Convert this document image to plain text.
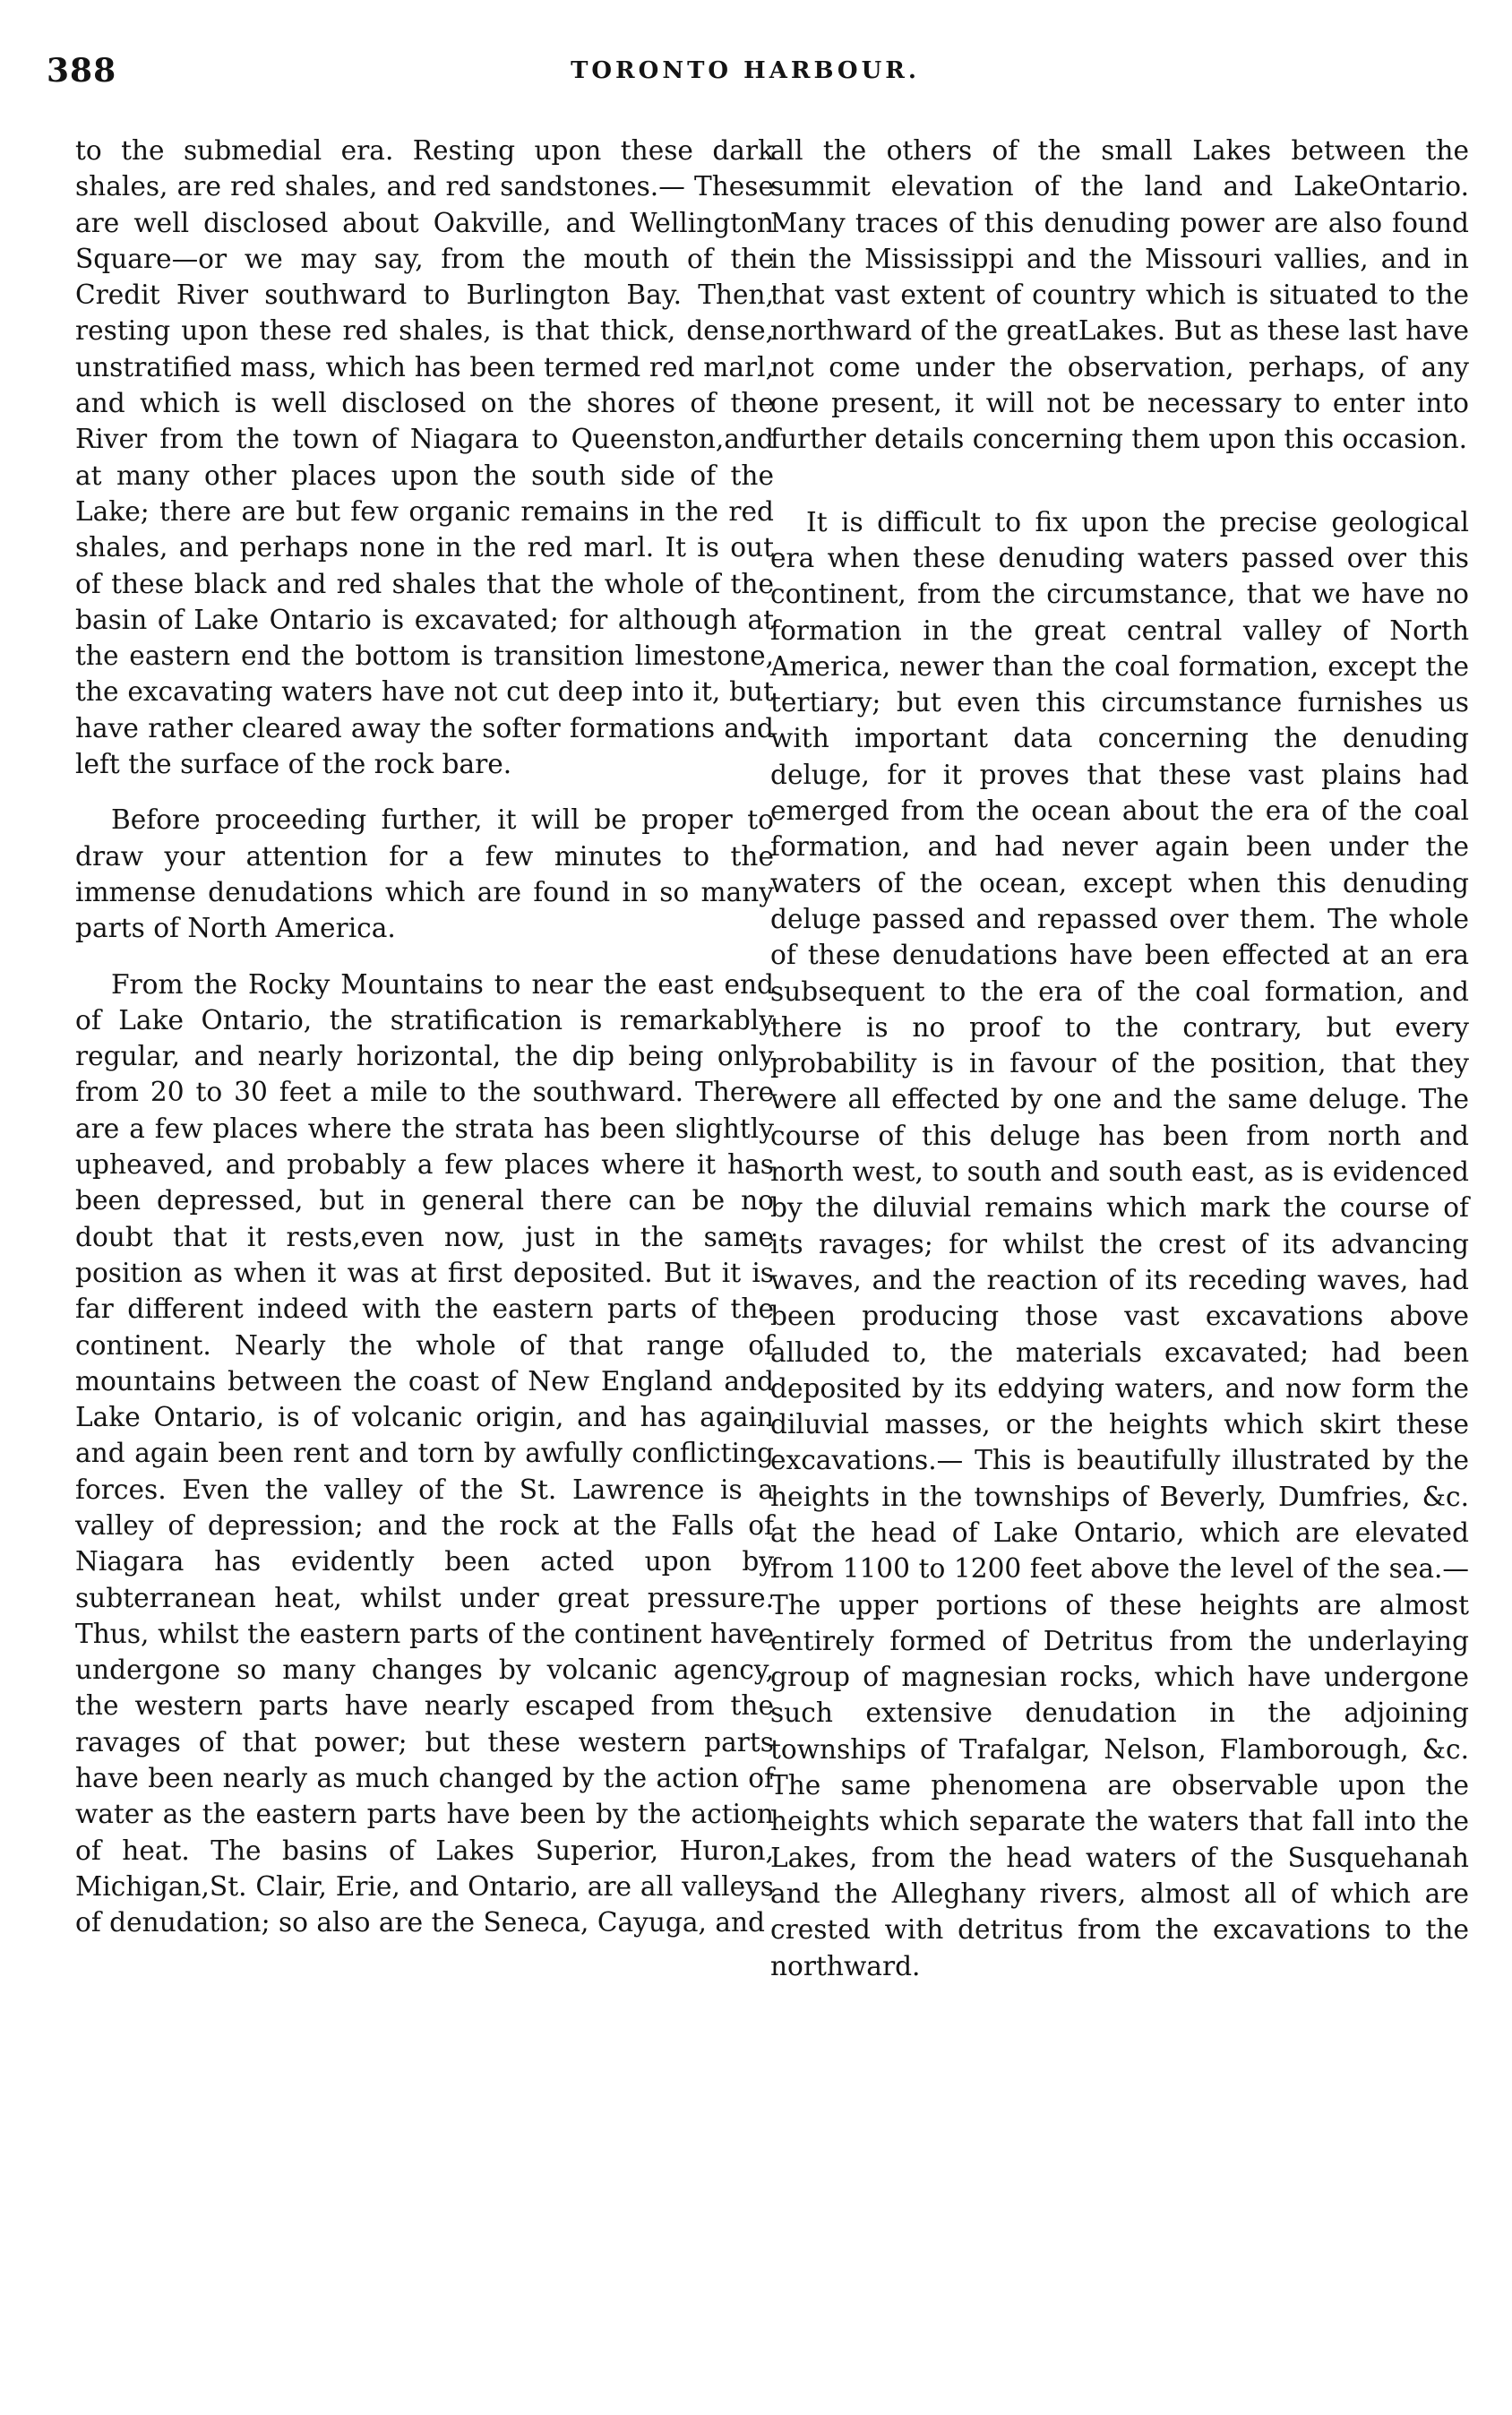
388	TORONTO HARBOUR.

to the submedial era. Resting upon these dark shales, are red shales, and red sandstones.— These are well disclosed about Oakville, and Wellington Square—or we may say, from the mouth of the Credit River southward to Burlington Bay. Then, resting upon these red shales, is that thick, dense, unstratified mass, which has been termed red marl, and which is well disclosed on the shores of the River from the town of Niagara to Queenston,and at many other places upon the south side of the Lake; there are but few organic remains in the red shales, and perhaps none in the red marl. It is out of these black and red shales that the whole of the basin of Lake Ontario is excavated; for although at the eastern end the bottom is transition limestone, the excavating waters have not cut deep into it, but have rather cleared away the softer formations and left the surface of the rock bare.

Before proceeding further, it will be proper to draw your attention for a few minutes to the immense denudations which are found in so many parts of North America.

From the Rocky Mountains to near the east end of Lake Ontario, the stratification is remarkably regular, and nearly horizontal, the dip being only from 20 to 30 feet a mile to the southward. There are a few places where the strata has been slightly upheaved, and probably a few places where it has been depressed, but in general there can be no doubt that it rests,even now, just in the same position as when it was at first deposited. But it is far different indeed with the eastern parts of the continent. Nearly the whole of that range of mountains between the coast of New England and Lake Ontario, is of volcanic origin, and has again and again been rent and torn by awfully conflicting forces. Even the valley of the St. Lawrence is a valley of depression; and the rock at the Falls of Niagara has evidently been acted upon by subterranean heat, whilst under great pressure. Thus, whilst the eastern parts of the continent have undergone so many changes by volcanic agency, the western parts have nearly escaped from the ravages of that power; but these western parts have been nearly as much changed by the action of water as the eastern parts have been by the action of heat. The basins of Lakes Superior, Huron, Michigan,St. Clair, Erie, and Ontario, are all valleys of denudation; so also are the Seneca, Cayuga, and

all the others of the small Lakes between the summit elevation of the land and LakeOntario. Many traces of this denuding power are also found in the Mississippi and the Missouri vallies, and in that vast extent of country which is situated to the northward of the greatLakes. But as these last have not come under the observation, perhaps, of any one present, it will not be necessary to enter into further details concerning them upon this occasion.

It is difficult to fix upon the precise geological era when these denuding waters passed over this continent, from the circumstance, that we have no formation in the great central valley of North America, newer than the coal formation, except the tertiary; but even this circumstance furnishes us with important data concerning the denuding deluge, for it proves that these vast plains had emerged from the ocean about the era of the coal formation, and had never again been under the waters of the ocean, except when this denuding deluge passed and repassed over them. The whole of these denudations have been effected at an era subsequent to the era of the coal formation, and there is no proof to the contrary, but every probability is in favour of the position, that they were all effected by one and the same deluge. The course of this deluge has been from north and north west, to south and south east, as is evidenced by the diluvial remains which mark the course of its ravages; for whilst the crest of its advancing waves, and the reaction of its receding waves, had been producing those vast excavations above alluded to, the materials excavated; had been deposited by its eddying waters, and now form the diluvial masses, or the heights which skirt these excavations.— This is beautifully illustrated by the heights in the townships of Beverly, Dumfries, &c. at the head of Lake Ontario, which are elevated from 1100 to 1200 feet above the level of the sea.— The upper portions of these heights are almost entirely formed of Detritus from the underlaying group of magnesian rocks, which have undergone such extensive denudation in the adjoining townships of Trafalgar, Nelson, Flamborough, &c. The same phenomena are observable upon the heights which separate the waters that fall into the Lakes, from the head waters of the Susquehanah and the Alleghany rivers, almost all of which are crested with detritus from the excavations to the northward.
